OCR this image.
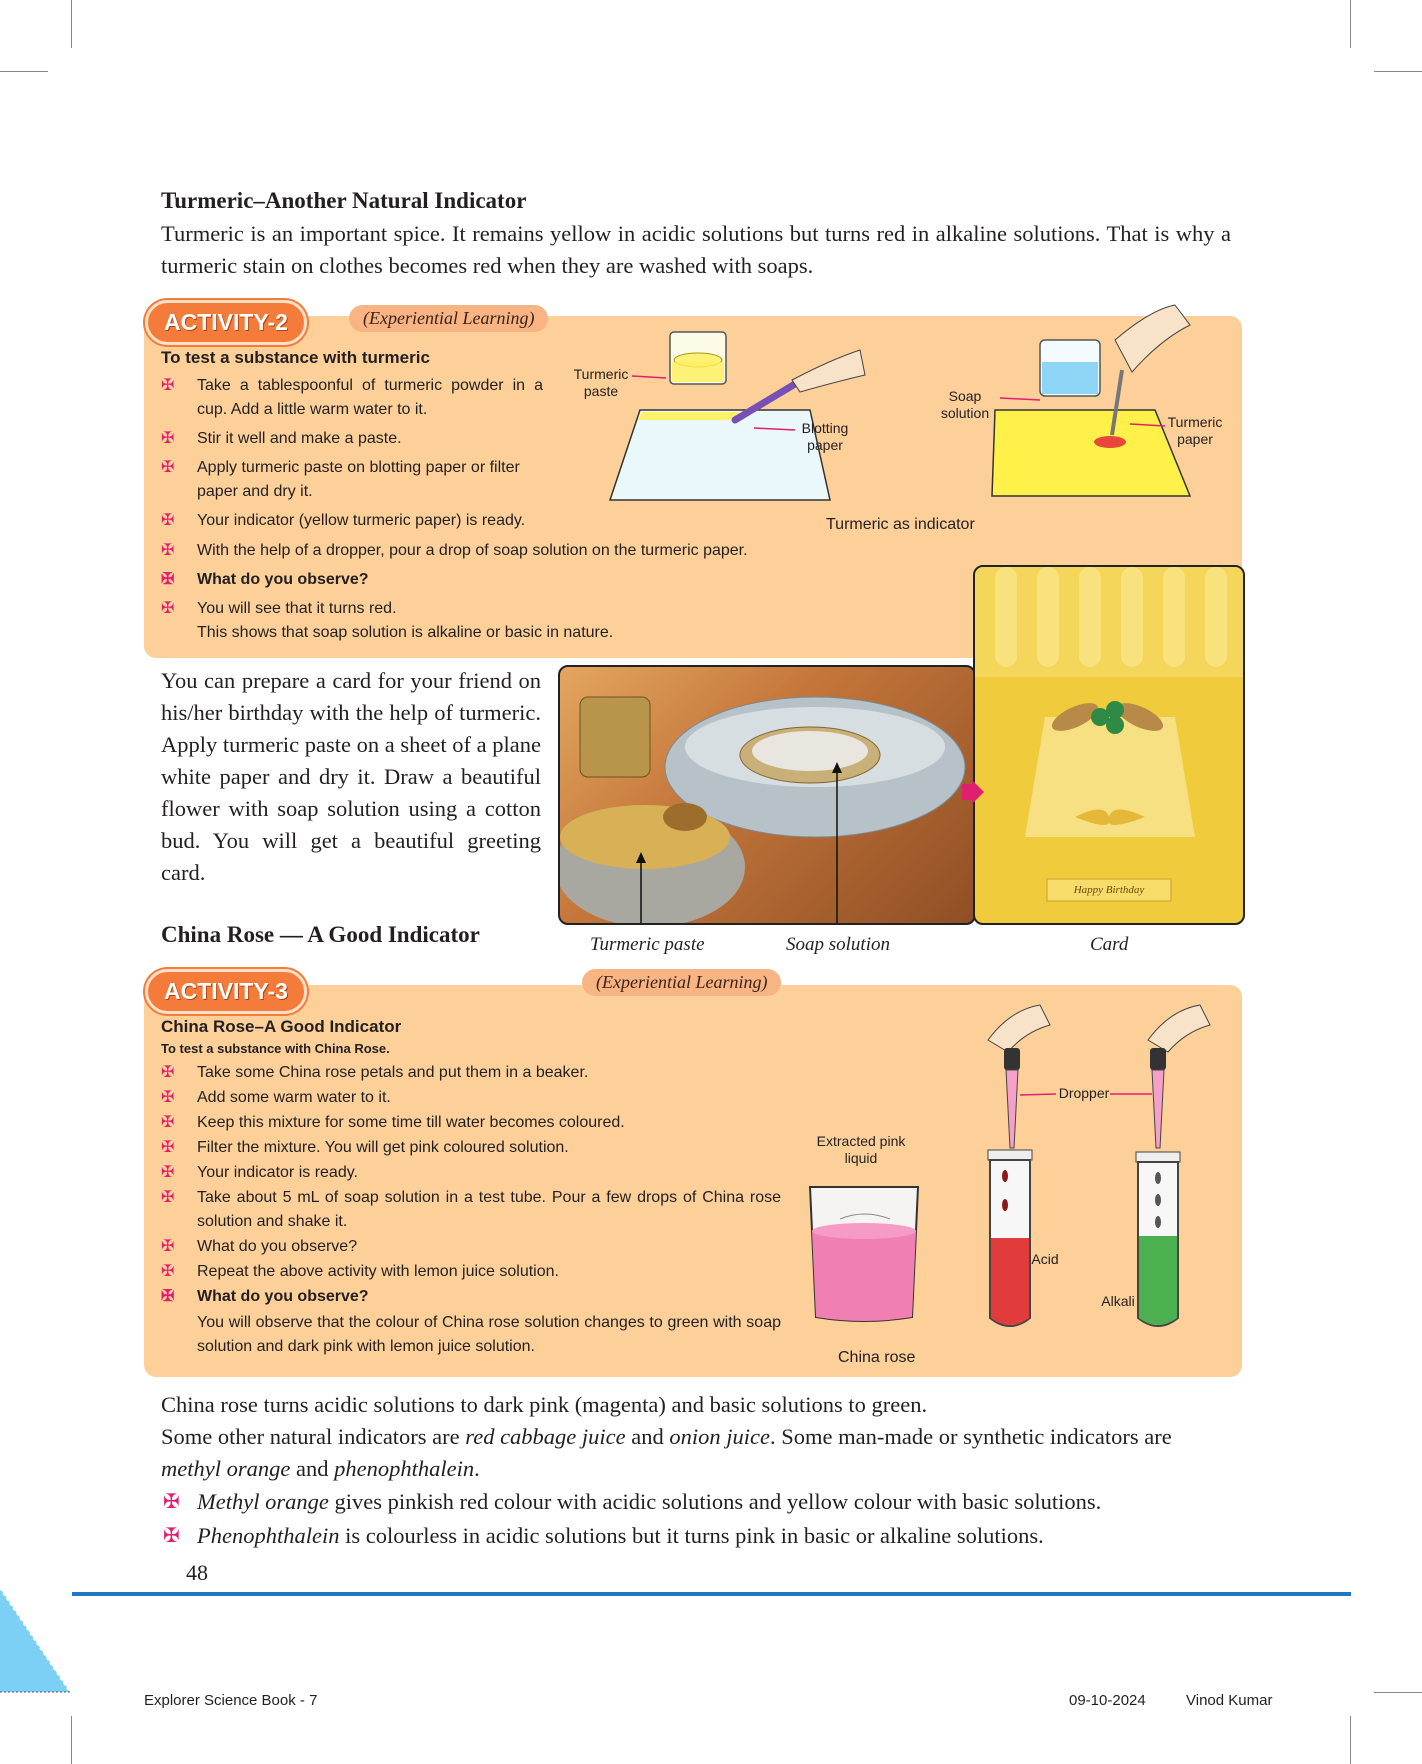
Turmeric–Another Natural Indicator

Turmeric is an important spice. It remains yellow in acidic solutions but turns red in alkaline solutions. That is why a turmeric stain on clothes becomes red when they are washed with soaps.

ACTIVITY-2	(Experiential Learning)
To test a substance with turmeric
✠ Take a tablespoonful of turmeric powder in a cup. Add a little warm water to it.
✠ Stir it well and make a paste.
✠ Apply turmeric paste on blotting paper or filter paper and dry it.
✠ Your indicator (yellow turmeric paper) is ready.
✠ With the help of a dropper, pour a drop of soap solution on the turmeric paper.
✠ What do you observe?
✠ You will see that it turns red.
This shows that soap solution is alkaline or basic in nature.
Turmeric paste
Blotting paper
Soap solution
Turmeric paper
Turmeric as indicator

You can prepare a card for your friend on his/her birthday with the help of turmeric. Apply turmeric paste on a sheet of a plane white paper and dry it. Draw a beautiful flower with soap solution using a cotton bud. You will get a beautiful greeting card.

China Rose — A Good Indicator
Happy Birthday
Turmeric paste	Soap solution	Card
ACTIVITY-3	(Experiential Learning)
China Rose–A Good Indicator
To test a substance with China Rose.
✠ Take some China rose petals and put them in a beaker.
✠ Add some warm water to it.
✠ Keep this mixture for some time till water becomes coloured.
✠ Filter the mixture. You will get pink coloured solution.
✠ Your indicator is ready.
✠ Take about 5 mL of soap solution in a test tube. Pour a few drops of China rose solution and shake it.
✠ What do you observe?
✠ Repeat the above activity with lemon juice solution.
✠ What do you observe?
You will observe that the colour of China rose solution changes to green with soap solution and dark pink with lemon juice solution.
Extracted pink liquid
China rose
Dropper
Acid
Alkali

China rose turns acidic solutions to dark pink (magenta) and basic solutions to green.

Some other natural indicators are red cabbage juice and onion juice. Some man-made or synthetic indicators are methyl orange and phenophthalein.

✠ Methyl orange gives pinkish red colour with acidic solutions and yellow colour with basic solutions.
✠ Phenophthalein is colourless in acidic solutions but it turns pink in basic or alkaline solutions.
48
Explorer Science Book - 7	09-10-2024	Vinod Kumar
